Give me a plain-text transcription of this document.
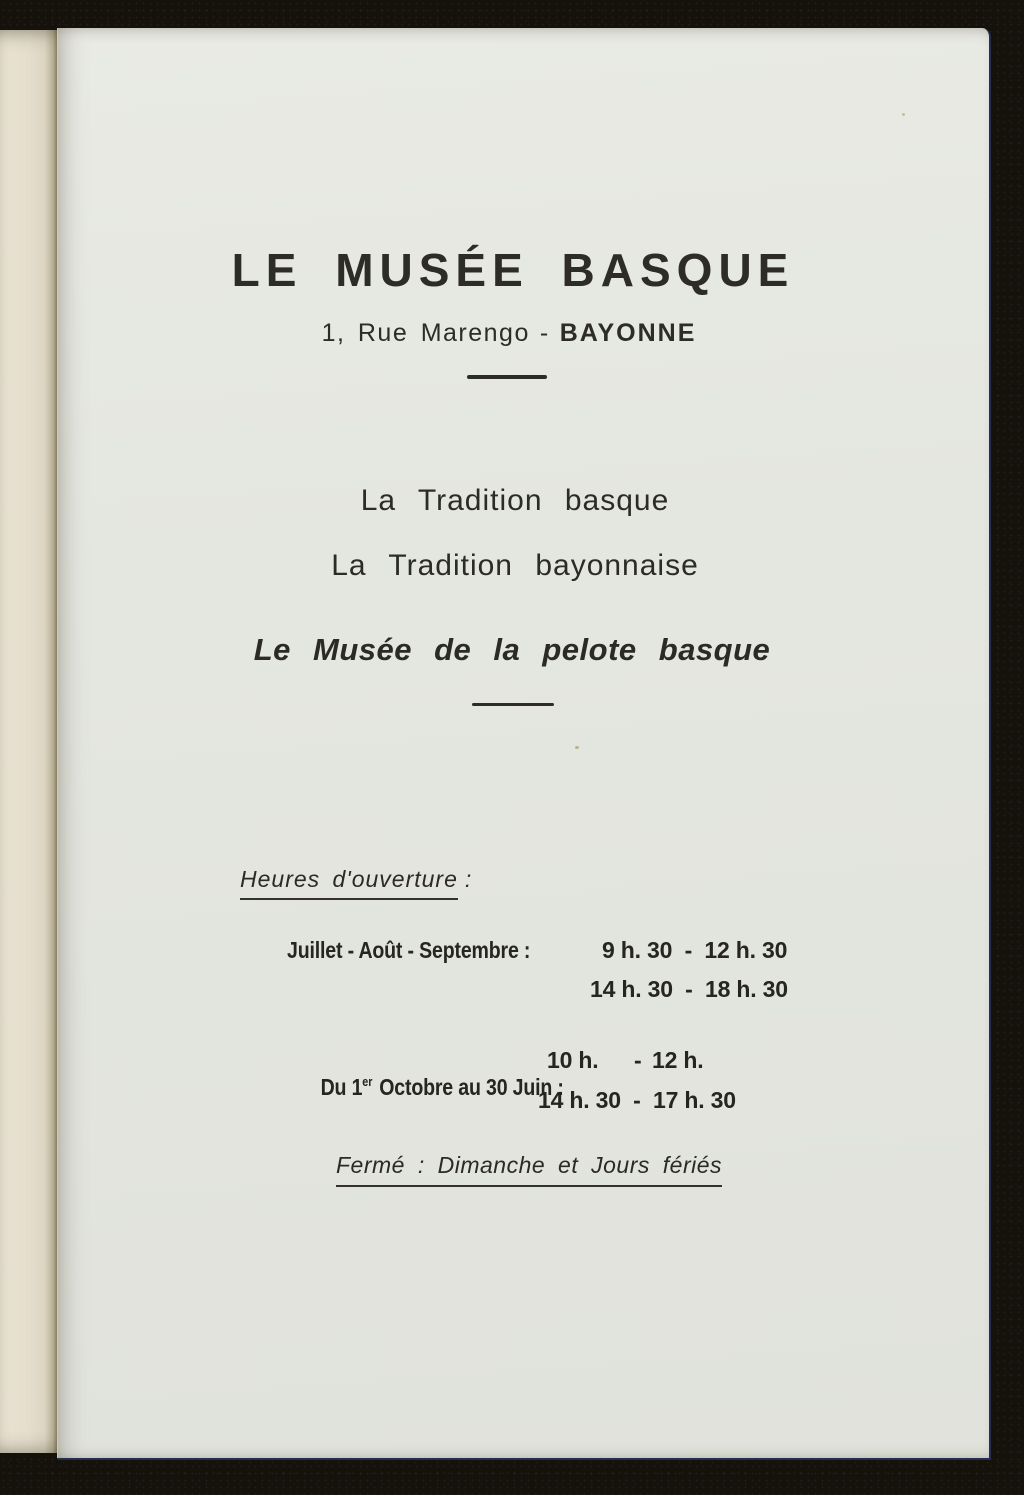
LE MUSÉE BASQUE
1, Rue Marengo - BAYONNE
La Tradition basque
La Tradition bayonnaise
Le Musée de la pelote basque
Heures d'ouverture :
Juillet - Août - Septembre :	9 h. 30  -  12 h. 30
14 h. 30  -  18 h. 30

Du 1er Octobre au 30 Juin :

10 h. - 12 h.
14 h. 30  -  17 h. 30
Fermé : Dimanche et Jours fériés
